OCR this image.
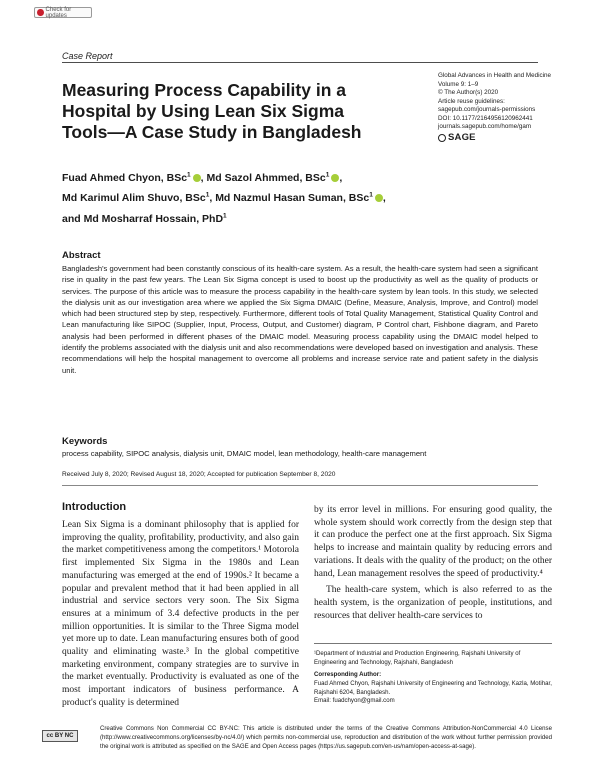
Check for updates
Case Report
Measuring Process Capability in a Hospital by Using Lean Six Sigma Tools—A Case Study in Bangladesh
Global Advances in Health and Medicine
Volume 9: 1–9
© The Author(s) 2020
Article reuse guidelines:
sagepub.com/journals-permissions
DOI: 10.1177/2164956120962441
journals.sagepub.com/home/gam
SAGE
Fuad Ahmed Chyon, BSc$^1$ , Md Sazol Ahmmed, BSc$^1$ ,
Md Karimul Alim Shuvo, BSc$^1$, Md Nazmul Hasan Suman, BSc$^1$ ,
and Md Mosharraf Hossain, PhD$^1$
Abstract

Bangladesh's government had been constantly conscious of its health-care system. As a result, the health-care system had seen a significant rise in quality in the past few years. The Lean Six Sigma concept is used to boost up the productivity as well as the quality of products or services. The purpose of this article was to measure the process capability in the health-care system by lean tools. In this study, we selected the dialysis unit as our investigation area where we applied the Six Sigma DMAIC (Define, Measure, Analysis, Improve, and Control) model which had been structured step by step, respectively. Furthermore, different tools of Total Quality Management, Statistical Quality Control and Lean manufacturing like SIPOC (Supplier, Input, Process, Output, and Customer) diagram, P Control chart, Fishbone diagram, and Pareto analysis had been performed in different phases of the DMAIC model. Measuring process capability using the DMAIC model helped to identify the problems associated with the dialysis unit and also recommendations were developed based on investigation and analysis. These recommendations will help the hospital management to overcome all problems and increase service rate and patient safety in the dialysis unit.

Keywords

process capability, SIPOC analysis, dialysis unit, DMAIC model, lean methodology, health-care management

Received July 8, 2020; Revised August 18, 2020; Accepted for publication September 8, 2020
Introduction

Lean Six Sigma is a dominant philosophy that is applied for improving the quality, profitability, productivity, and also gain the market competitiveness among the competitors.¹ Motorola first implemented Six Sigma in the 1980s and Lean manufacturing was emerged at the end of 1990s.² It became a popular and prevalent method that it had been applied in all industrial and service sectors very soon. The Six Sigma ensures at a minimum of 3.4 defective products in the per million opportunities. It is similar to the Three Sigma model yet more up to date. Lean manufacturing ensures both of good quality and eliminating waste.³ In the global competitive marketing environment, company strategies are to survive in the market eventually. Productivity is evaluated as one of the most important indicators of business performance. A product's quality is determined

by its error level in millions. For ensuring good quality, the whole system should work correctly from the design step that it can produce the perfect one at the first approach. Six Sigma helps to increase and maintain quality by reducing errors and variations. It deals with the quality of the product; on the other hand, Lean management resolves the speed of productivity.⁴

The health-care system, which is also referred to as the health system, is the organization of people, institutions, and resources that deliver health-care services to

¹Department of Industrial and Production Engineering, Rajshahi University of Engineering and Technology, Rajshahi, Bangladesh

Corresponding Author:

Fuad Ahmed Chyon, Rajshahi University of Engineering and Technology, Kazla, Motihar, Rajshahi 6204, Bangladesh.

Email: fuadchyon@gmail.com

cc BY NC

Creative Commons Non Commercial CC BY-NC: This article is distributed under the terms of the Creative Commons Attribution-NonCommercial 4.0 License (http://www.creativecommons.org/licenses/by-nc/4.0/) which permits non-commercial use, reproduction and distribution of the work without further permission provided the original work is attributed as specified on the SAGE and Open Access pages (https://us.sagepub.com/en-us/nam/open-access-at-sage).
